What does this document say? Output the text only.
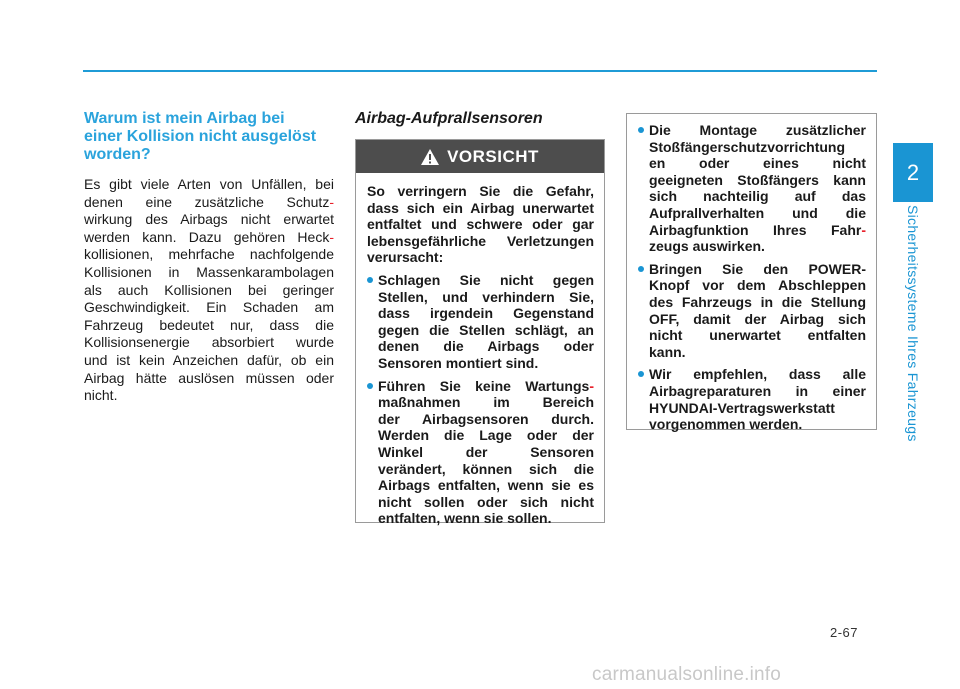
2
Sicherheitssysteme Ihres Fahrzeugs
Warum ist mein Airbag bei
einer Kollision nicht ausgelöst
worden?
Es gibt viele Arten von Unfällen, bei
denen eine zusätzliche Schutz-
wirkung des Airbags nicht erwartet
werden kann. Dazu gehören Heck-
kollisionen, mehrfache nachfolgende
Kollisionen in Massenkarambolagen
als auch Kollisionen bei geringer
Geschwindigkeit. Ein Schaden am
Fahrzeug bedeutet nur, dass die
Kollisionsenergie absorbiert wurde
und ist kein Anzeichen dafür, ob ein
Airbag hätte auslösen müssen oder
nicht.
Airbag-Aufprallsensoren
VORSICHT
So verringern Sie die Gefahr,
dass sich ein Airbag unerwartet
entfaltet und schwere oder gar
lebensgefährliche Verletzungen
verursacht:
Schlagen Sie nicht gegen
Stellen, und verhindern Sie,
dass irgendein Gegenstand
gegen die Stellen schlägt, an
denen die Airbags oder
Sensoren montiert sind.
Führen Sie keine Wartungs-
maßnahmen im Bereich
der Airbagsensoren durch.
Werden die Lage oder der
Winkel der Sensoren
verändert, können sich die
Airbags entfalten, wenn sie es
nicht sollen oder sich nicht
entfalten, wenn sie sollen.
Die Montage zusätzlicher
Stoßfängerschutzvorrichtung
en oder eines nicht
geeigneten Stoßfängers kann
sich nachteilig auf das
Aufprallverhalten und die
Airbagfunktion Ihres Fahr-
zeugs auswirken.
Bringen Sie den POWER-
Knopf vor dem Abschleppen
des Fahrzeugs in die Stellung
OFF, damit der Airbag sich
nicht unerwartet entfalten
kann.
Wir empfehlen, dass alle
Airbagreparaturen in einer
HYUNDAI-Vertragswerkstatt
vorgenommen werden.
2-67
carmanualsonline.info
